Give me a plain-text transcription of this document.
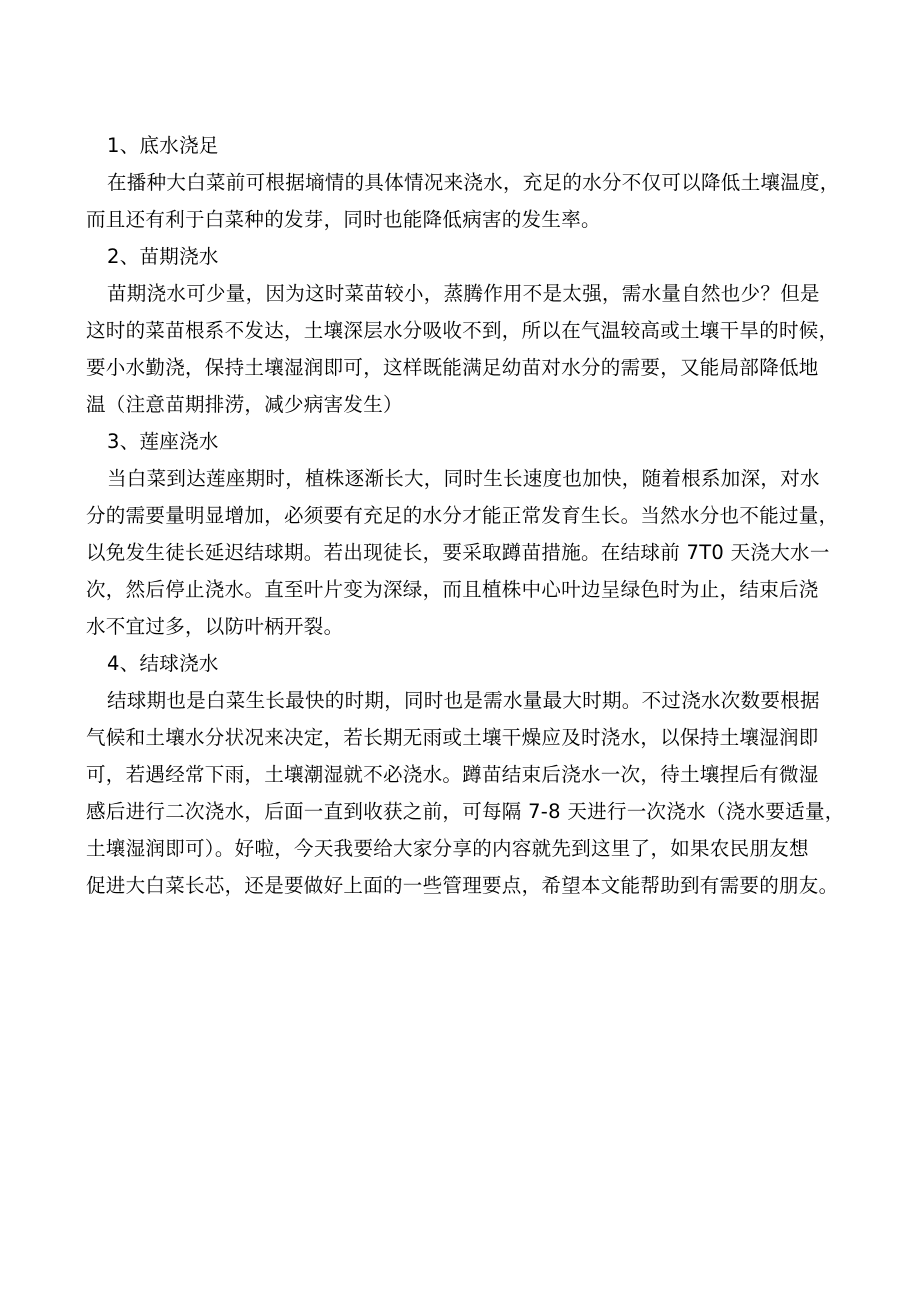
1、底水浇足
在播种大白菜前可根据墒情的具体情况来浇水，充足的水分不仅可以降低土壤温度，
而且还有利于白菜种的发芽，同时也能降低病害的发生率。
2、苗期浇水
苗期浇水可少量，因为这时菜苗较小，蒸腾作用不是太强，需水量自然也少？但是
这时的菜苗根系不发达，土壤深层水分吸收不到，所以在气温较高或土壤干旱的时候，
要小水勤浇，保持土壤湿润即可，这样既能满足幼苗对水分的需要，又能局部降低地
温（注意苗期排涝，减少病害发生）
3、莲座浇水
当白菜到达莲座期时，植株逐渐长大，同时生长速度也加快，随着根系加深，对水
分的需要量明显增加，必须要有充足的水分才能正常发育生长。当然水分也不能过量，
以免发生徒长延迟结球期。若出现徒长，要采取蹲苗措施。在结球前 7T0 天浇大水一
次，然后停止浇水。直至叶片变为深绿，而且植株中心叶边呈绿色时为止，结束后浇
水不宜过多，以防叶柄开裂。
4、结球浇水
结球期也是白菜生长最快的时期，同时也是需水量最大时期。不过浇水次数要根据
气候和土壤水分状况来决定，若长期无雨或土壤干燥应及时浇水，以保持土壤湿润即
可，若遇经常下雨，土壤潮湿就不必浇水。蹲苗结束后浇水一次，待土壤捏后有微湿
感后进行二次浇水，后面一直到收获之前，可每隔 7-8 天进行一次浇水（浇水要适量，
土壤湿润即可）。好啦，今天我要给大家分享的内容就先到这里了，如果农民朋友想
促进大白菜长芯，还是要做好上面的一些管理要点，希望本文能帮助到有需要的朋友。
